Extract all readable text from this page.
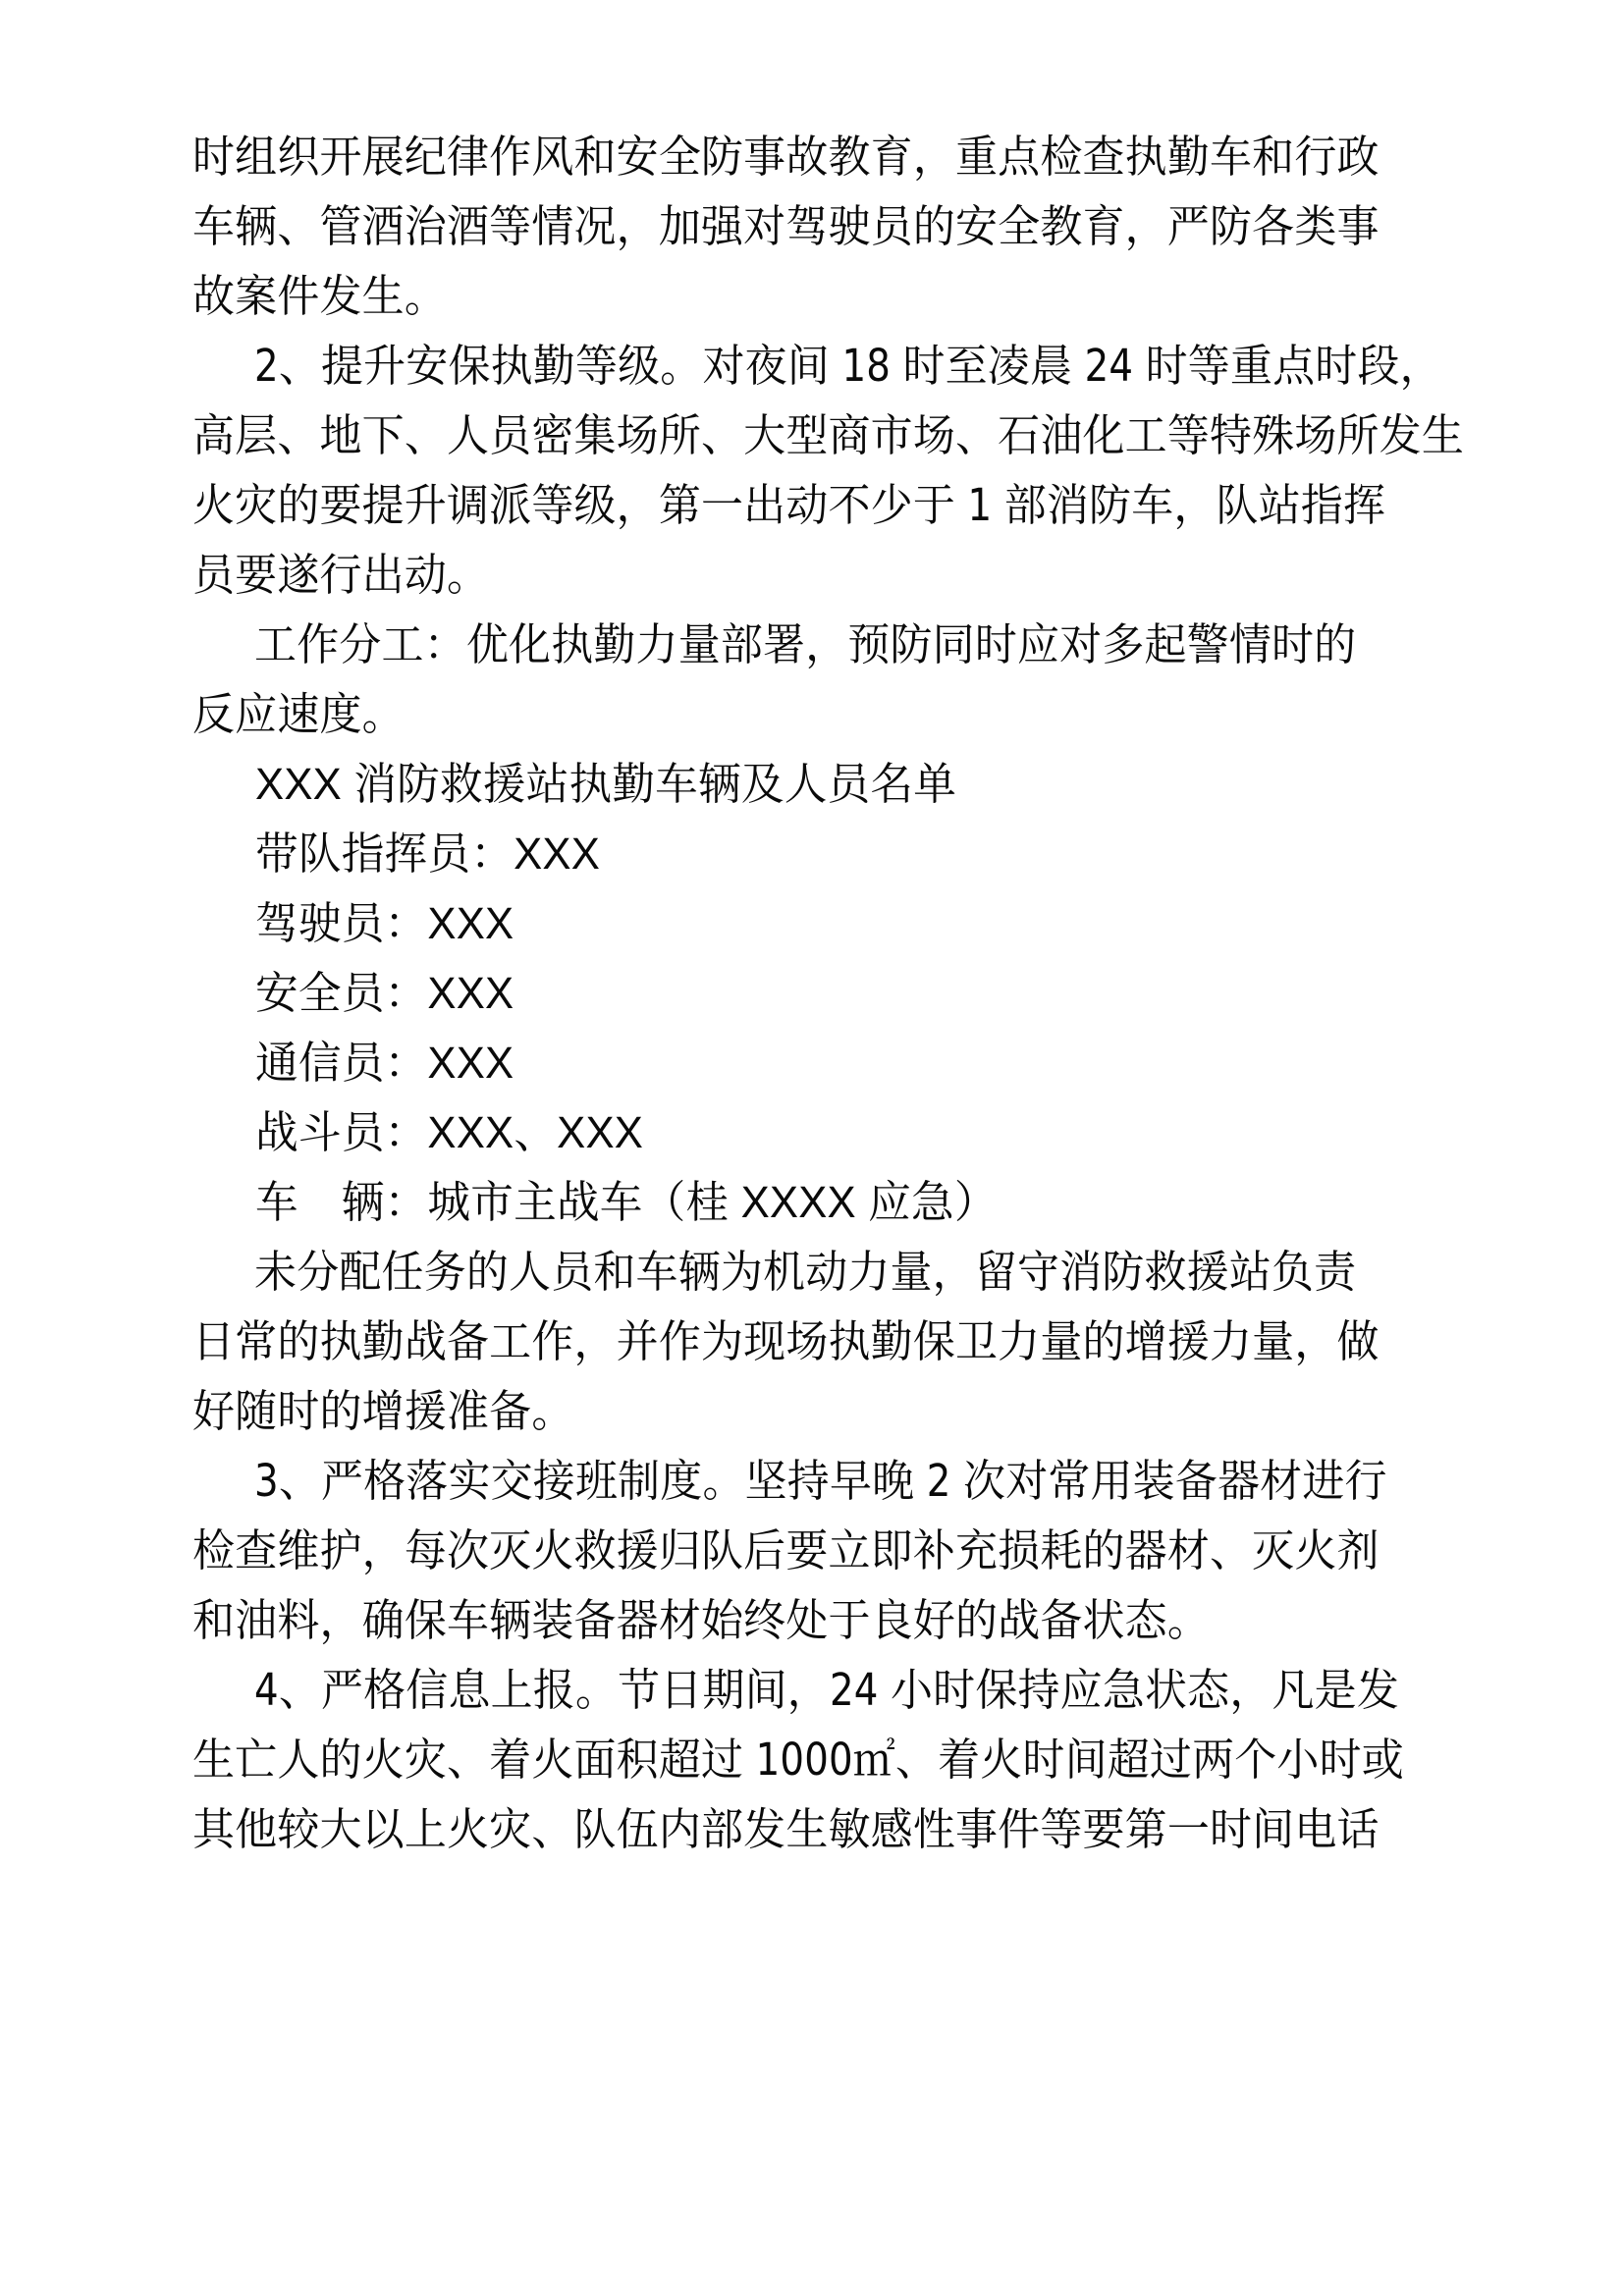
时组织开展纪律作风和安全防事故教育，重点检查执勤车和行政
车辆、管酒治酒等情况，加强对驾驶员的安全教育，严防各类事
故案件发生。
2、提升安保执勤等级。对夜间 18 时至凌晨 24 时等重点时段，
高层、地下、人员密集场所、大型商市场、石油化工等特殊场所发生
火灾的要提升调派等级，第一出动不少于 1 部消防车，队站指挥
员要遂行出动。
工作分工：优化执勤力量部署，预防同时应对多起警情时的
反应速度。
XXX 消防救援站执勤车辆及人员名单
带队指挥员：XXX
驾驶员：XXX
安全员：XXX
通信员：XXX
战斗员：XXX、XXX
车　辆：城市主战车（桂 XXXX 应急）
未分配任务的人员和车辆为机动力量，留守消防救援站负责
日常的执勤战备工作，并作为现场执勤保卫力量的增援力量，做
好随时的增援准备。
3、严格落实交接班制度。坚持早晚 2 次对常用装备器材进行
检查维护，每次灭火救援归队后要立即补充损耗的器材、灭火剂
和油料，确保车辆装备器材始终处于良好的战备状态。
4、严格信息上报。节日期间，24 小时保持应急状态，凡是发
生亡人的火灾、着火面积超过 1000㎡、着火时间超过两个小时或
其他较大以上火灾、队伍内部发生敏感性事件等要第一时间电话
